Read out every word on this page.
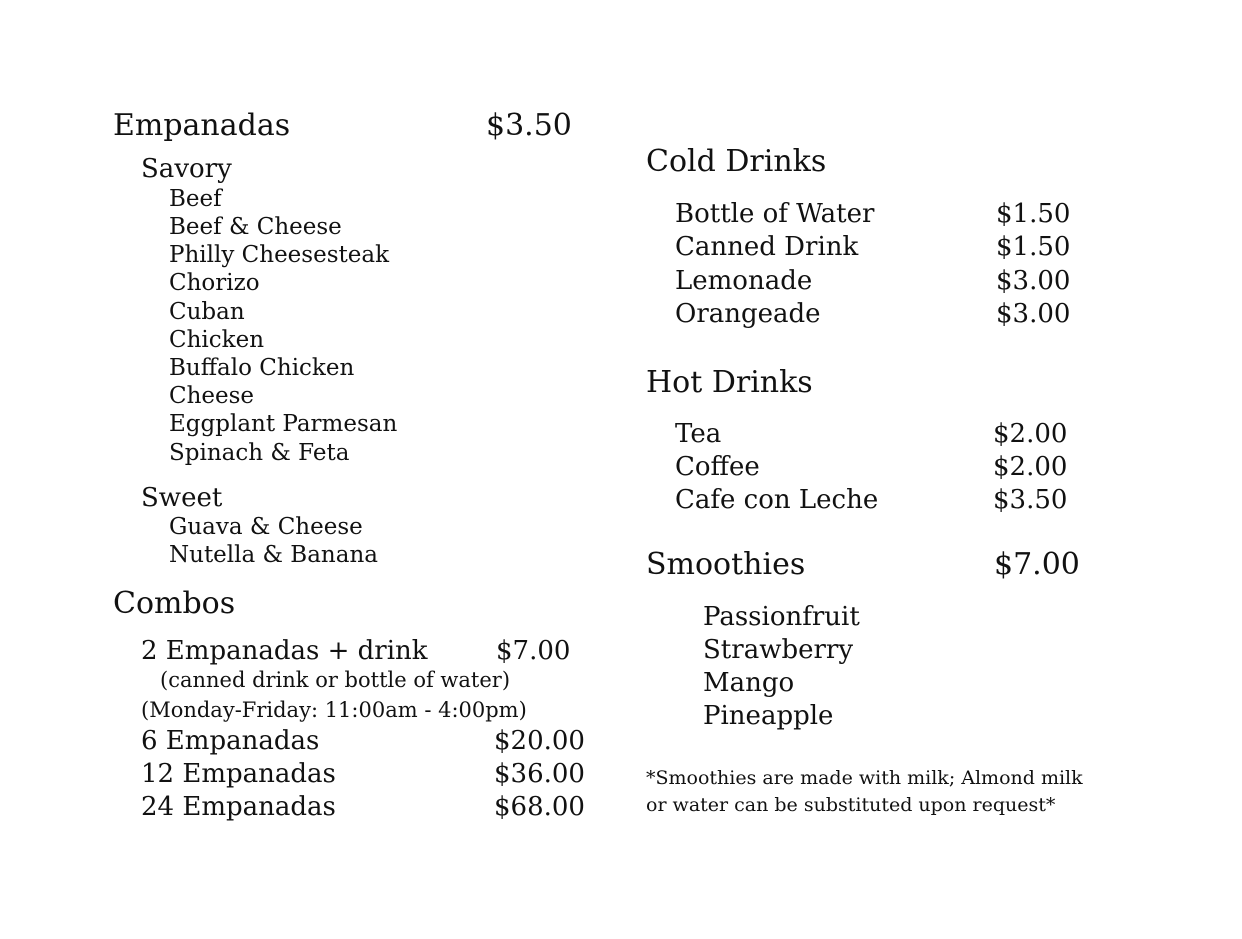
Empanadas	$3.50
Savory
Beef
Beef & Cheese
Philly Cheesesteak
Chorizo
Cuban
Chicken
Buffalo Chicken
Cheese
Eggplant Parmesan
Spinach & Feta
Sweet
Guava & Cheese
Nutella & Banana
Combos
2 Empanadas + drink	$7.00
(canned drink or bottle of water)
(Monday-Friday: 11:00am - 4:00pm)
6 Empanadas	$20.00
12 Empanadas	$36.00
24 Empanadas	$68.00
Cold Drinks
Bottle of Water	$1.50
Canned Drink	$1.50
Lemonade	$3.00
Orangeade	$3.00
Hot Drinks
Tea	$2.00
Coffee	$2.00
Cafe con Leche	$3.50
Smoothies	$7.00
Passionfruit
Strawberry
Mango
Pineapple
*Smoothies are made with milk; Almond milk
or water can be substituted upon request*
